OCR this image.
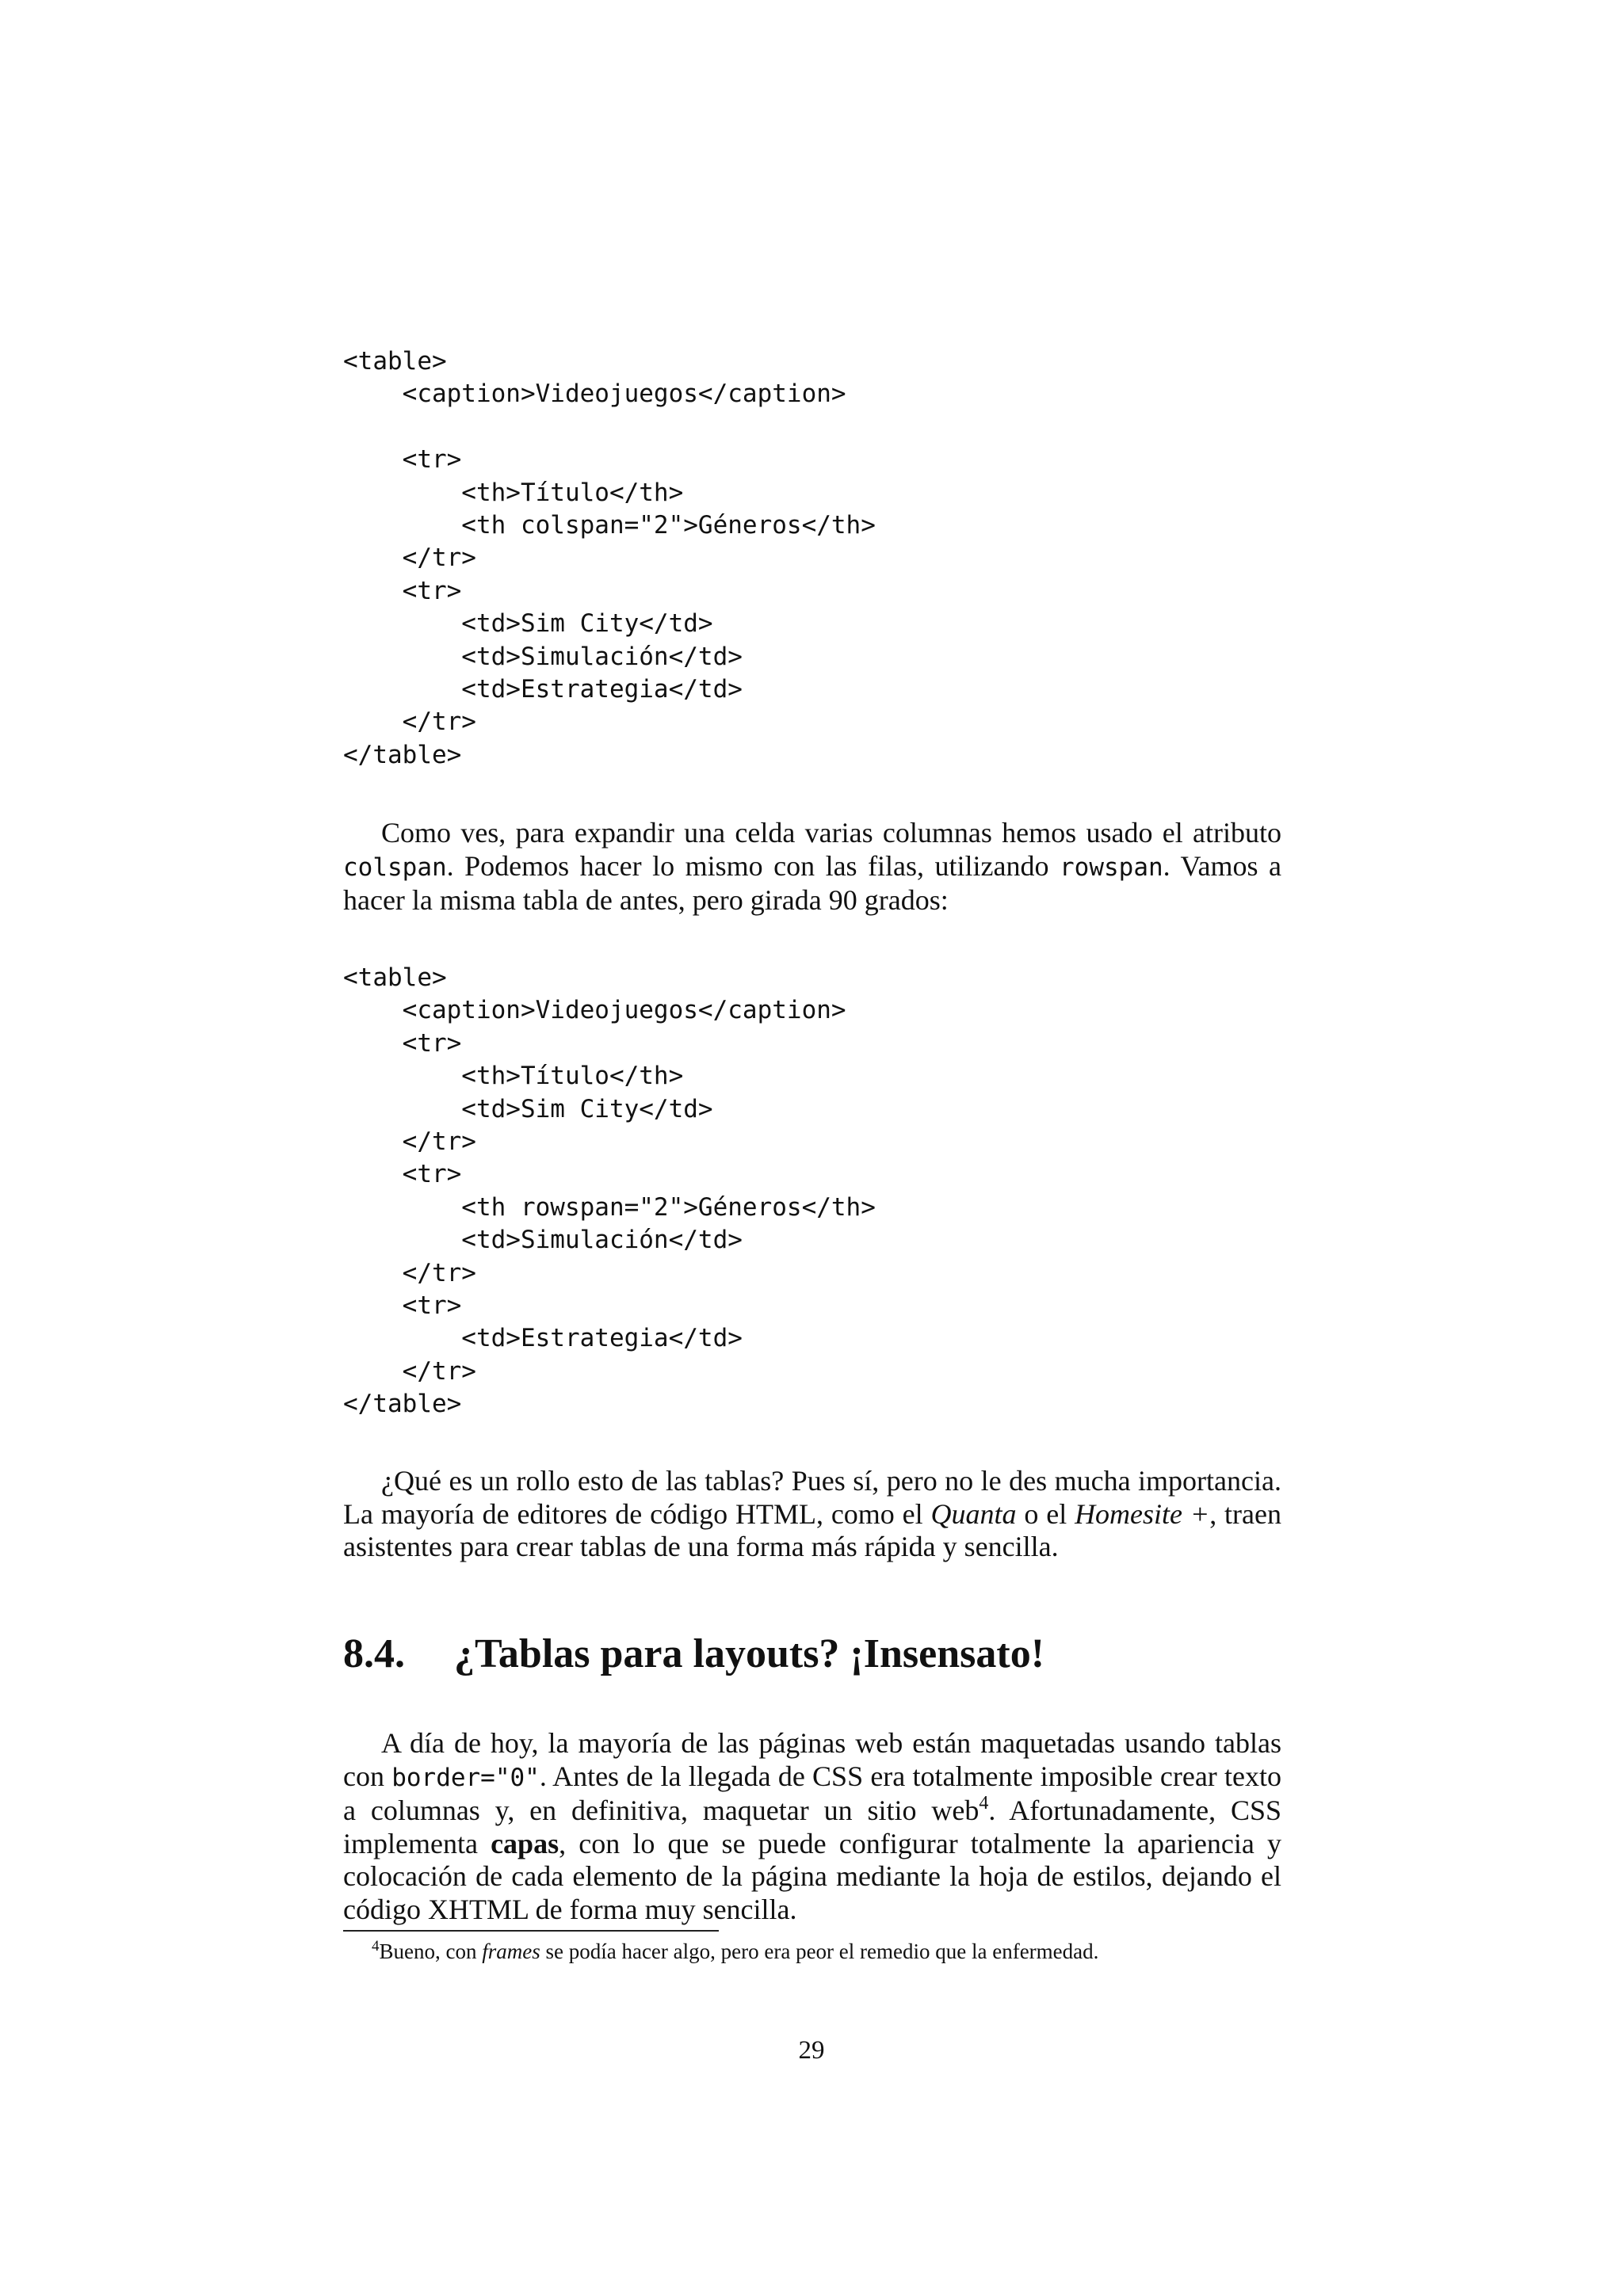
<table>
<caption>Videojuegos</caption>

<tr>
<th>Título</th>
<th colspan="2">Géneros</th>
</tr>
<tr>
<td>Sim City</td>
<td>Simulación</td>
<td>Estrategia</td>
</tr>
</table>

Como ves, para expandir una celda varias columnas hemos usado el atributo colspan. Podemos hacer lo mismo con las filas, utilizando rowspan. Vamos a hacer la misma tabla de antes, pero girada 90 grados:

<table>
<caption>Videojuegos</caption>
<tr>
<th>Título</th>
<td>Sim City</td>
</tr>
<tr>
<th rowspan="2">Géneros</th>
<td>Simulación</td>
</tr>
<tr>
<td>Estrategia</td>
</tr>
</table>

¿Qué es un rollo esto de las tablas? Pues sí, pero no le des mucha importancia. La mayoría de editores de código HTML, como el Quanta o el Homesite +, traen asistentes para crear tablas de una forma más rápida y sencilla.

8.4. ¿Tablas para layouts? ¡Insensato!

A día de hoy, la mayoría de las páginas web están maquetadas usando tablas con border="0". Antes de la llegada de CSS era totalmente imposible crear texto a columnas y, en definitiva, maquetar un sitio web$^4$. Afortunadamente, CSS implementa capas, con lo que se puede configurar totalmente la apariencia y colocación de cada elemento de la página mediante la hoja de estilos, dejando el código XHTML de forma muy sencilla.

$^4$Bueno, con frames se podía hacer algo, pero era peor el remedio que la enfermedad.

29
